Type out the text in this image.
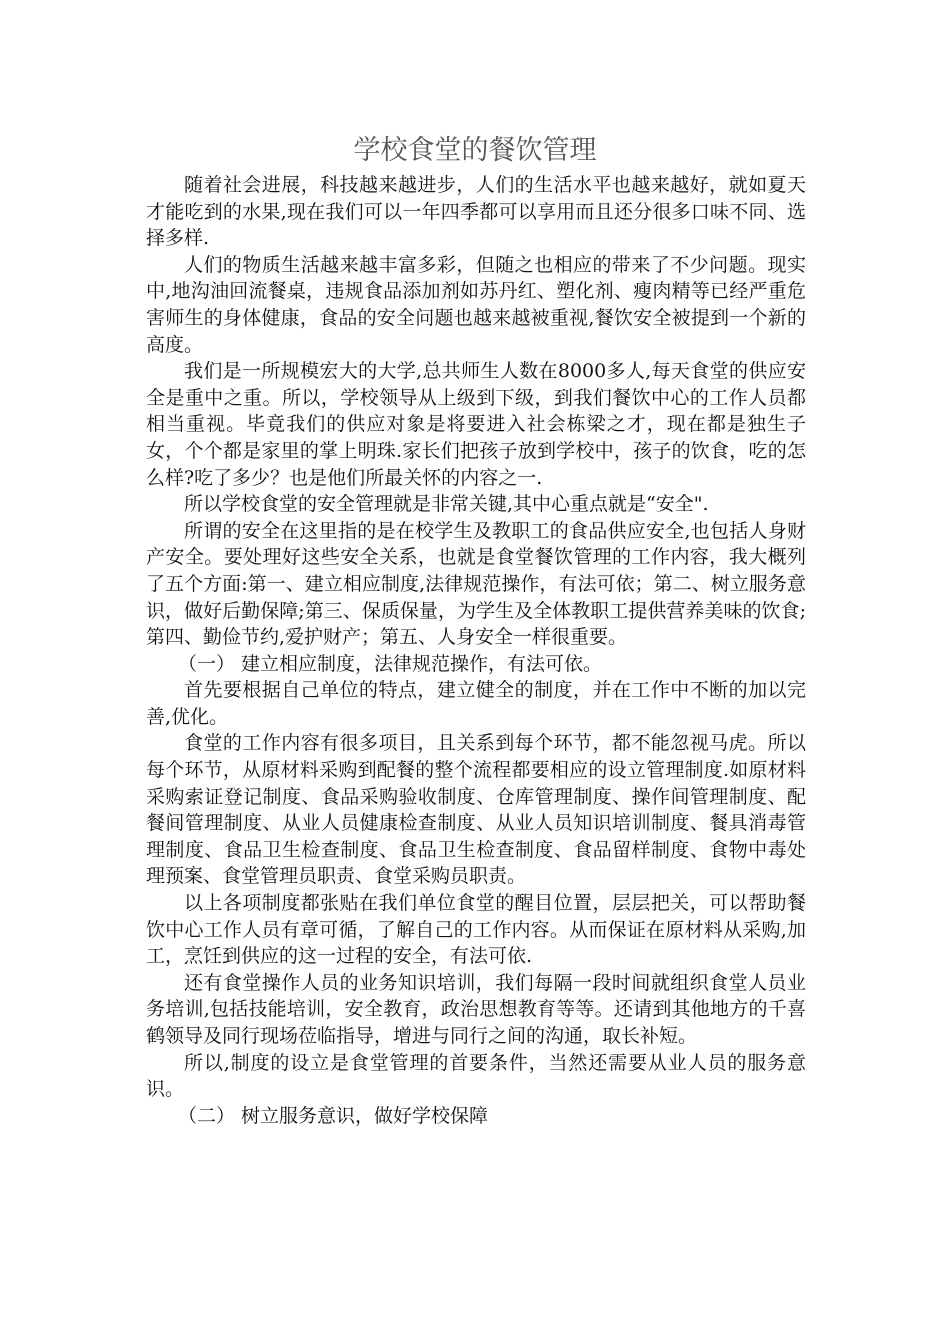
学校食堂的餐饮管理

随着社会进展，科技越来越进步，人们的生活水平也越来越好，就如夏天才能吃到的水果,现在我们可以一年四季都可以享用而且还分很多口味不同、选择多样.

人们的物质生活越来越丰富多彩，但随之也相应的带来了不少问题。现实中,地沟油回流餐桌，违规食品添加剂如苏丹红、塑化剂、瘦肉精等已经严重危害师生的身体健康，食品的安全问题也越来越被重视,餐饮安全被提到一个新的高度。

我们是一所规模宏大的大学,总共师生人数在8000多人,每天食堂的供应安全是重中之重。所以，学校领导从上级到下级，到我们餐饮中心的工作人员都相当重视。毕竟我们的供应对象是将要进入社会栋梁之才，现在都是独生子女，个个都是家里的掌上明珠.家长们把孩子放到学校中，孩子的饮食，吃的怎么样?吃了多少？也是他们所最关怀的内容之一.

所以学校食堂的安全管理就是非常关键,其中心重点就是“安全".

所谓的安全在这里指的是在校学生及教职工的食品供应安全,也包括人身财产安全。要处理好这些安全关系，也就是食堂餐饮管理的工作内容，我大概列了五个方面:第一、建立相应制度,法律规范操作，有法可依；第二、树立服务意识，做好后勤保障;第三、保质保量，为学生及全体教职工提供营养美味的饮食;第四、勤俭节约,爱护财产；第五、人身安全一样很重要。

（一） 建立相应制度，法律规范操作，有法可依。

首先要根据自己单位的特点，建立健全的制度，并在工作中不断的加以完善,优化。

食堂的工作内容有很多项目，且关系到每个环节，都不能忽视马虎。所以每个环节，从原材料采购到配餐的整个流程都要相应的设立管理制度.如原材料采购索证登记制度、食品采购验收制度、仓库管理制度、操作间管理制度、配餐间管理制度、从业人员健康检查制度、从业人员知识培训制度、餐具消毒管理制度、食品卫生检查制度、食品卫生检查制度、食品留样制度、食物中毒处理预案、食堂管理员职责、食堂采购员职责。

以上各项制度都张贴在我们单位食堂的醒目位置，层层把关，可以帮助餐饮中心工作人员有章可循，了解自己的工作内容。从而保证在原材料从采购,加工，烹饪到供应的这一过程的安全，有法可依.

还有食堂操作人员的业务知识培训，我们每隔一段时间就组织食堂人员业务培训,包括技能培训，安全教育，政治思想教育等等。还请到其他地方的千喜鹤领导及同行现场莅临指导，增进与同行之间的沟通，取长补短。

所以,制度的设立是食堂管理的首要条件，当然还需要从业人员的服务意识。

（二） 树立服务意识，做好学校保障
